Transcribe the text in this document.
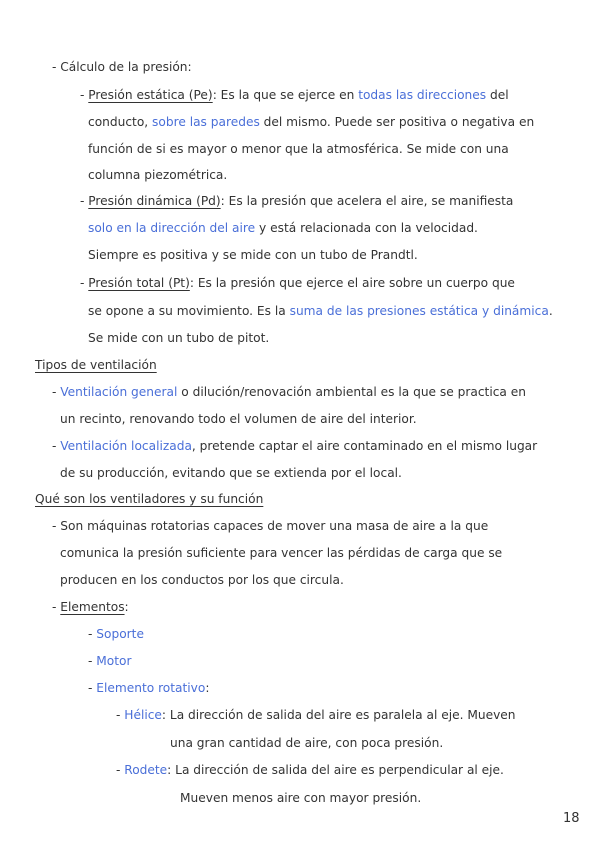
- Cálculo de la presión:
- Presión estática (Pe): Es la que se ejerce en todas las direcciones del
conducto, sobre las paredes del mismo. Puede ser positiva o negativa en
función de si es mayor o menor que la atmosférica. Se mide con una
columna piezométrica.
- Presión dinámica (Pd): Es la presión que acelera el aire, se manifiesta
solo en la dirección del aire y está relacionada con la velocidad.
Siempre es positiva y se mide con un tubo de Prandtl.
- Presión total (Pt): Es la presión que ejerce el aire sobre un cuerpo que
se opone a su movimiento. Es la suma de las presiones estática y dinámica.
Se mide con un tubo de pitot.
Tipos de ventilación
- Ventilación general o dilución/renovación ambiental es la que se practica en
un recinto, renovando todo el volumen de aire del interior.
- Ventilación localizada, pretende captar el aire contaminado en el mismo lugar
de su producción, evitando que se extienda por el local.
Qué son los ventiladores y su función
- Son máquinas rotatorias capaces de mover una masa de aire a la que
comunica la presión suficiente para vencer las pérdidas de carga que se
producen en los conductos por los que circula.
- Elementos:
- Soporte
- Motor
- Elemento rotativo:
- Hélice: La dirección de salida del aire es paralela al eje. Mueven
una gran cantidad de aire, con poca presión.
- Rodete: La dirección de salida del aire es perpendicular al eje.
Mueven menos aire con mayor presión.
18
